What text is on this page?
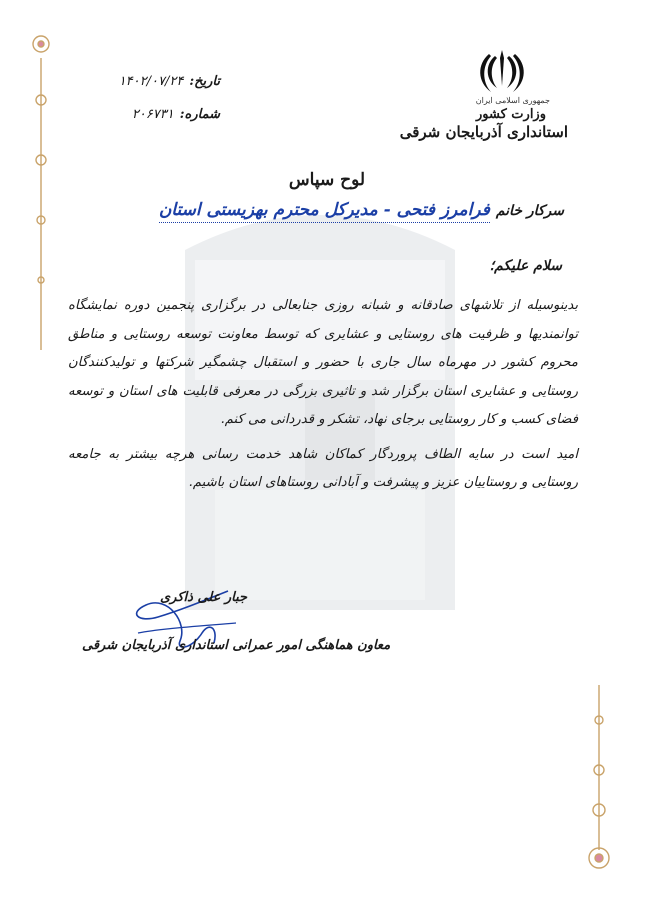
جمهوری اسلامی ایران
وزارت کشور
استانداری آذربایجان شرقی
تاریخ:
۱۴۰۲/۰۷/۲۴
شماره:
۲۰۶۷۳۱
لوح سپاس
سرکار خانم
فرامرز فتحی - مدیرکل محترم بهزیستی استان
سلام علیکم؛

بدینوسیله از تلاشهای صادقانه و شبانه روزی جنابعالی در برگزاری پنجمین دوره نمایشگاه توانمندیها و ظرفیت های روستایی و عشایری که توسط معاونت توسعه روستایی و مناطق محروم کشور در مهرماه سال جاری با حضور و استقبال چشمگیر شرکتها و تولیدکنندگان روستایی و عشایری استان برگزار شد و تاثیری بزرگی در معرفی قابلیت های استان و توسعه فضای کسب و کار روستایی برجای نهاد، تشکر و قدردانی می کنم.

امید است در سایه الطاف پروردگار کماکان شاهد خدمت رسانی هرچه بیشتر به جامعه روستایی و روستاییان عزیز و پیشرفت و آبادانی روستاهای استان باشیم.

جبار علی ذاکری
معاون هماهنگی امور عمرانی استانداری آذربایجان شرقی
